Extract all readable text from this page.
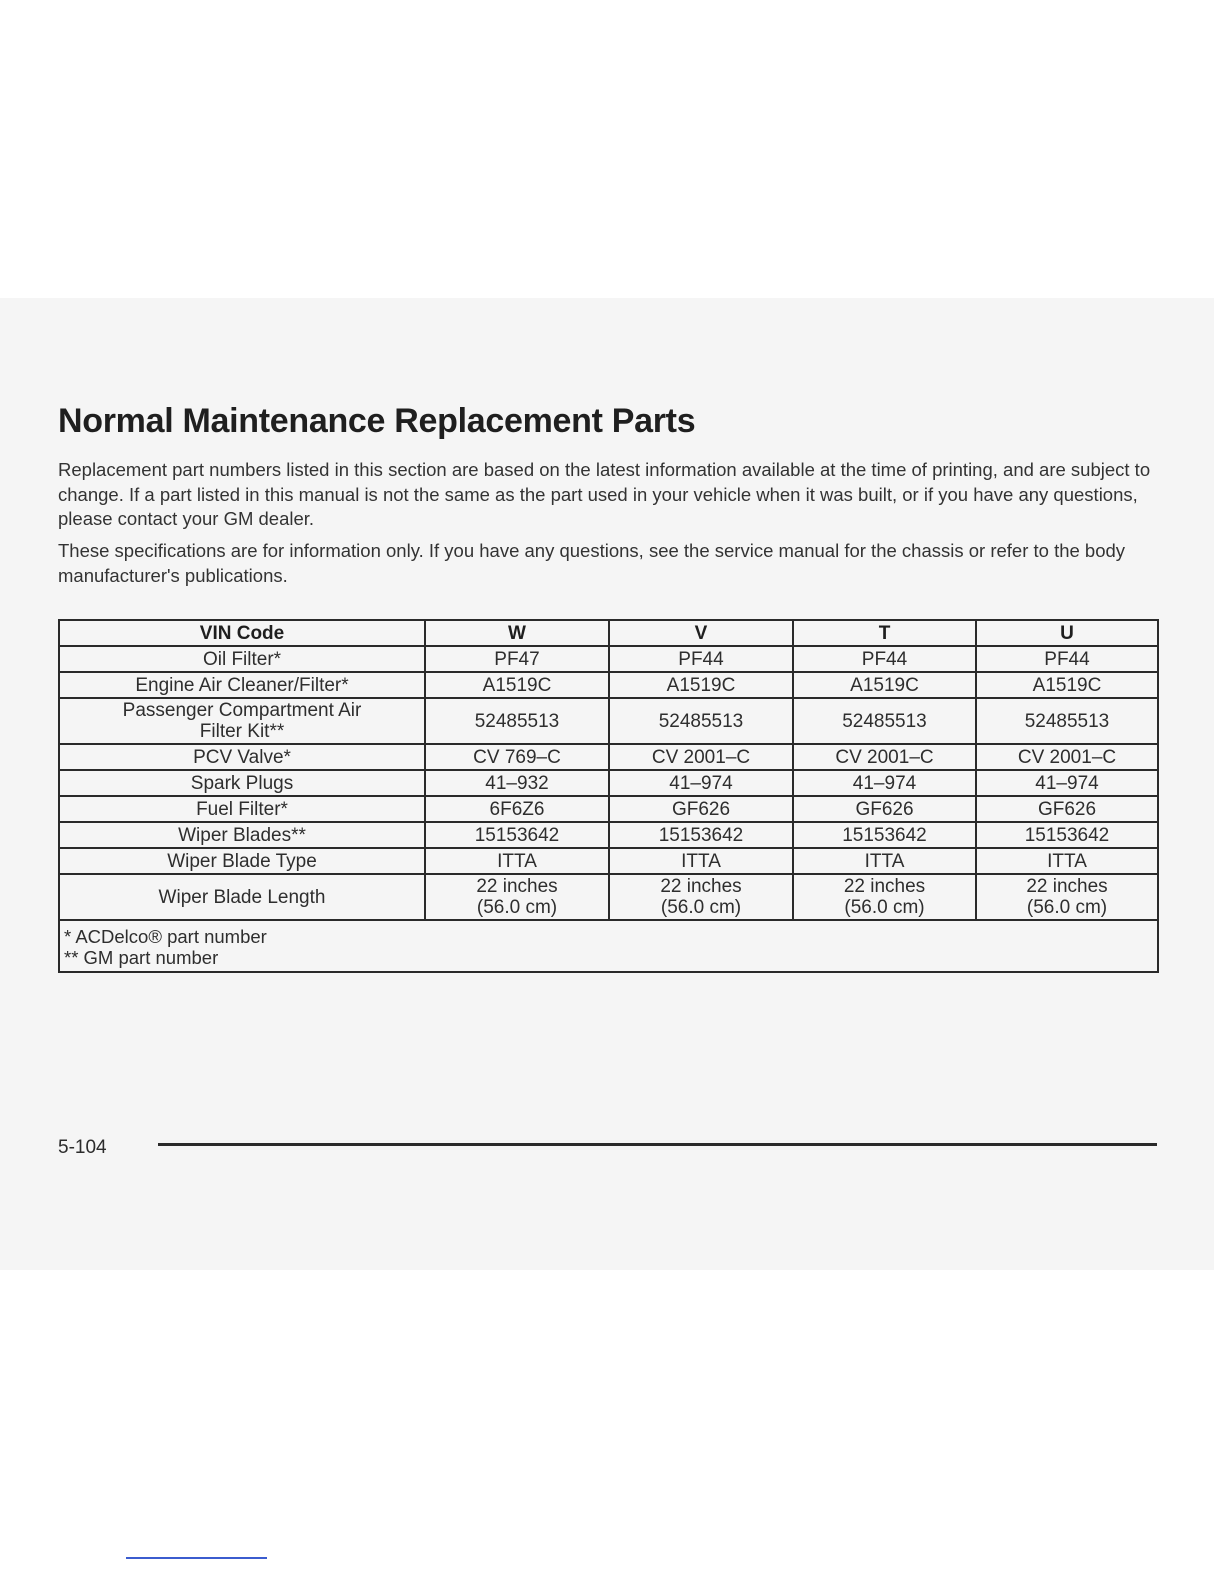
Normal Maintenance Replacement Parts

Replacement part numbers listed in this section are based on the latest information available at the time of printing, and are subject to change. If a part listed in this manual is not the same as the part used in your vehicle when it was built, or if you have any questions, please contact your GM dealer.

These specifications are for information only. If you have any questions, see the service manual for the chassis or refer to the body manufacturer's publications.

VIN Code	W	V	T	U
Oil Filter*	PF47	PF44	PF44	PF44
Engine Air Cleaner/Filter*	A1519C	A1519C	A1519C	A1519C
Passenger Compartment Air Filter Kit**	52485513	52485513	52485513	52485513
PCV Valve*	CV 769–C	CV 2001–C	CV 2001–C	CV 2001–C
Spark Plugs	41–932	41–974	41–974	41–974
Fuel Filter*	6F6Z6	GF626	GF626	GF626
Wiper Blades**	15153642	15153642	15153642	15153642
Wiper Blade Type	ITTA	ITTA	ITTA	ITTA
Wiper Blade Length	22 inches (56.0 cm)	22 inches (56.0 cm)	22 inches (56.0 cm)	22 inches (56.0 cm)

* ACDelco® part number
** GM part number				
5-104
